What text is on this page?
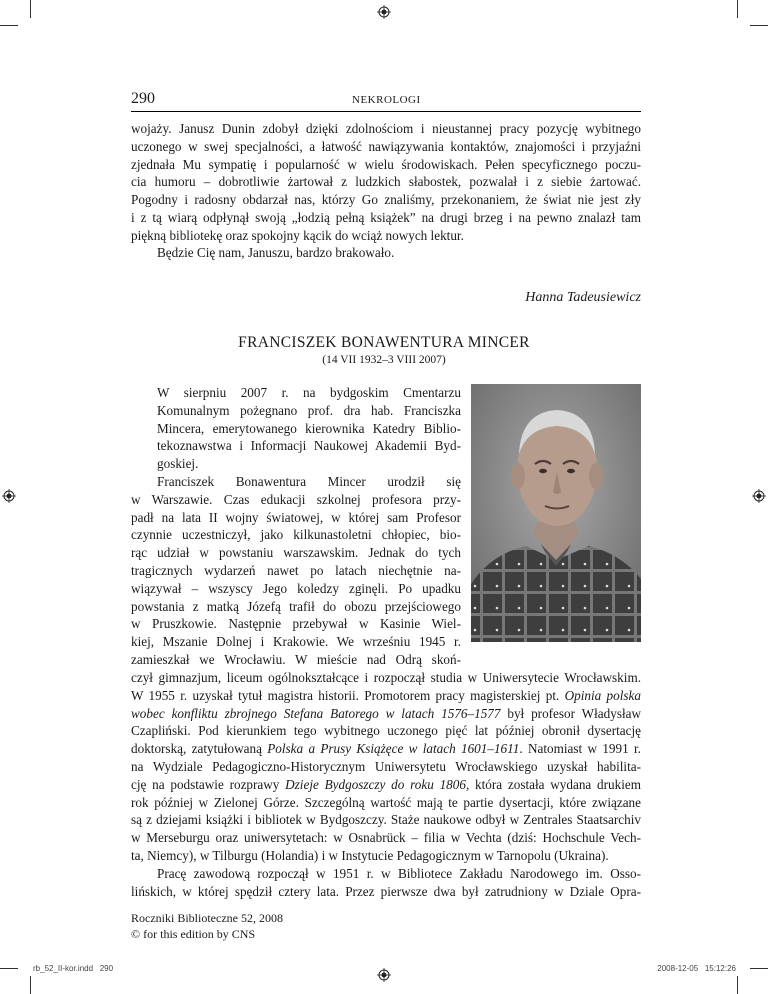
290	NEKROLOGI
wojaży. Janusz Dunin zdobył dzięki zdolnościom i nieustannej pracy pozycję wybitnego
uczonego w swej specjalności, a łatwość nawiązywania kontaktów, znajomości i przyjaźni
zjednała Mu sympatię i popularność w wielu środowiskach. Pełen specyficznego poczu-
cia humoru – dobrotliwie żartował z ludzkich słabostek, pozwalał i z siebie żartować.
Pogodny i radosny obdarzał nas, którzy Go znaliśmy, przekonaniem, że świat nie jest zły
i z tą wiarą odpłynął swoją „łodzią pełną książek” na drugi brzeg i na pewno znalazł tam
piękną bibliotekę oraz spokojny kącik do wciąż nowych lektur.
Będzie Cię nam, Januszu, bardzo brakowało.
Hanna Tadeusiewicz
FRANCISZEK BONAWENTURA MINCER
(14 VII 1932–3 VIII 2007)
W sierpniu 2007 r. na bydgoskim Cmentarzu
Komunalnym pożegnano prof. dra hab. Franciszka
Mincera, emerytowanego kierownika Katedry Biblio-
tekoznawstwa i Informacji Naukowej Akademii Byd-
goskiej.
Franciszek Bonawentura Mincer urodził się
w Warszawie. Czas edukacji szkolnej profesora przy-
padł na lata II wojny światowej, w której sam Profesor
czynnie uczestniczył, jako kilkunastoletni chłopiec, bio-
rąc udział w powstaniu warszawskim. Jednak do tych
tragicznych wydarzeń nawet po latach niechętnie na-
wiązywał – wszyscy Jego koledzy zginęli. Po upadku
powstania z matką Józefą trafił do obozu przejściowego
w Pruszkowie. Następnie przebywał w Kasinie Wiel-
kiej, Mszanie Dolnej i Krakowie. We wrześniu 1945 r.
zamieszkał we Wrocławiu. W mieście nad Odrą skoń-
czył gimnazjum, liceum ogólnokształcące i rozpoczął studia w Uniwersytecie Wrocławskim.
W 1955 r. uzyskał tytuł magistra historii. Promotorem pracy magisterskiej pt. Opinia polska
wobec konfliktu zbrojnego Stefana Batorego w latach 1576–1577 był profesor Władysław
Czapliński. Pod kierunkiem tego wybitnego uczonego pięć lat później obronił dysertację
doktorską, zatytułowaną Polska a Prusy Książęce w latach 1601–1611. Natomiast w 1991 r.
na Wydziale Pedagogiczno-Historycznym Uniwersytetu Wrocławskiego uzyskał habilita-
cję na podstawie rozprawy Dzieje Bydgoszczy do roku 1806, która została wydana drukiem
rok później w Zielonej Górze. Szczególną wartość mają te partie dysertacji, które związane
są z dziejami książki i bibliotek w Bydgoszczy. Staże naukowe odbył w Zentrales Staatsarchiv
w Merseburgu oraz uniwersytetach: w Osnabrück – filia w Vechta (dziś: Hochschule Vech-
ta, Niemcy), w Tilburgu (Holandia) i w Instytucie Pedagogicznym w Tarnopolu (Ukraina).
Pracę zawodową rozpoczął w 1951 r. w Bibliotece Zakładu Narodowego im. Osso-
lińskich, w której spędził cztery lata. Przez pierwsze dwa był zatrudniony w Dziale Opra-
Roczniki Biblioteczne 52, 2008
© for this edition by CNS
rb_52_II-kor.indd   290	2008-12-05   15:12:26
